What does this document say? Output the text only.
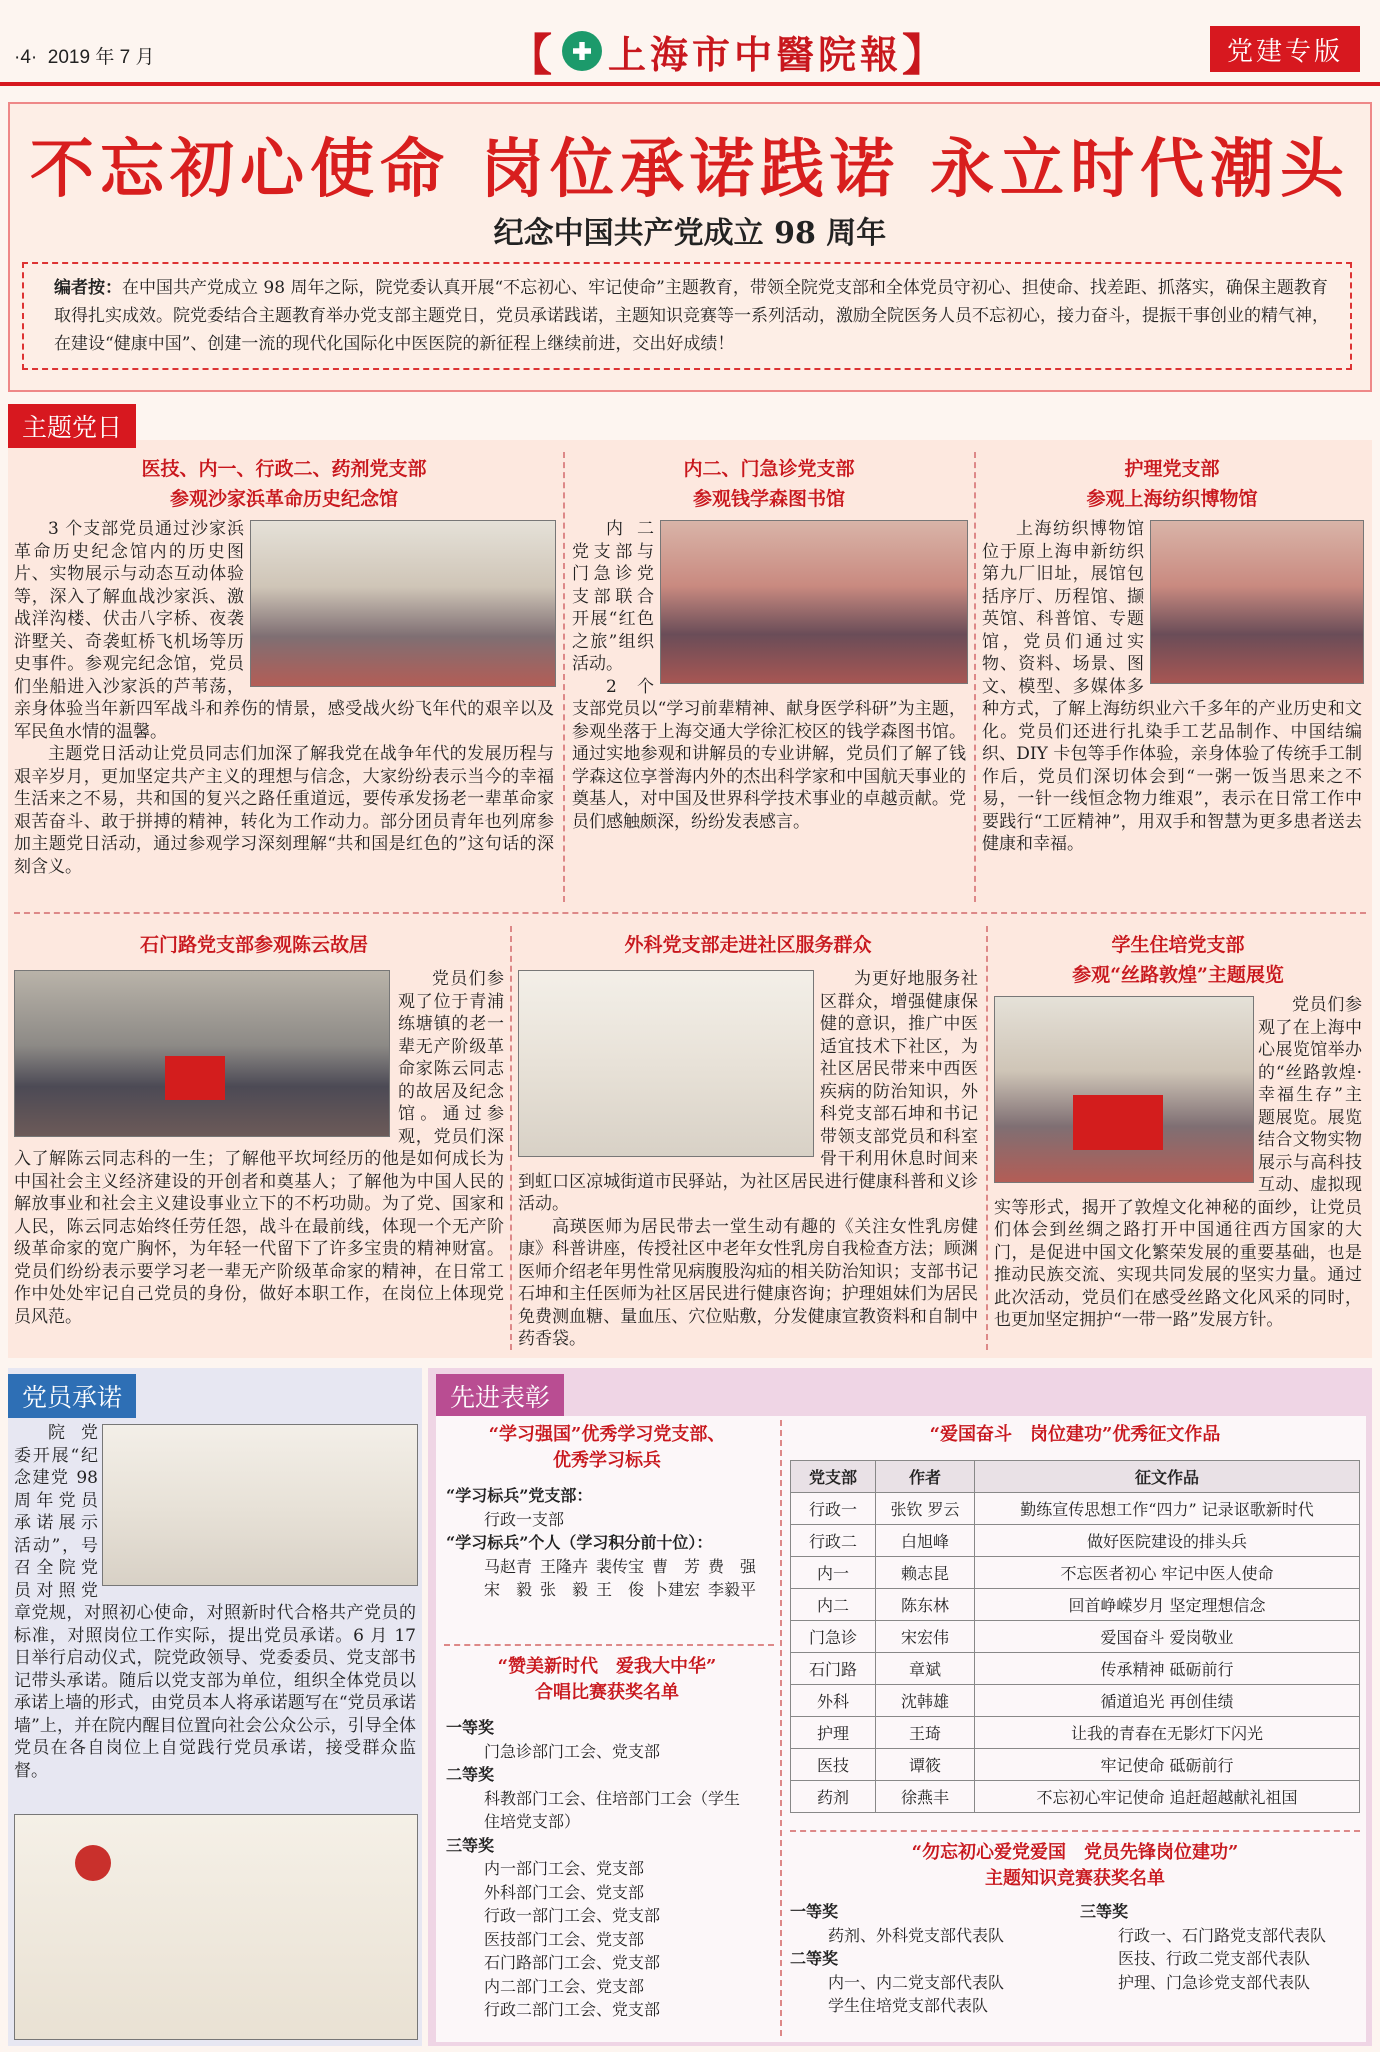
·4· 2019 年 7 月	【 上海市中醫院報 】	党建专版
不忘初心使命 岗位承诺践诺 永立时代潮头
纪念中国共产党成立 98 周年
编者按：在中国共产党成立 98 周年之际，院党委认真开展“不忘初心、牢记使命”主题教育，带领全院党支部和全体党员守初心、担使命、找差距、抓落实，确保主题教育取得扎实成效。院党委结合主题教育举办党支部主题党日，党员承诺践诺，主题知识竞赛等一系列活动，激励全院医务人员不忘初心，接力奋斗，提振干事创业的精气神，在建设“健康中国”、创建一流的现代化国际化中医医院的新征程上继续前进，交出好成绩！
主题党日
医技、内一、行政二、药剂党支部
参观沙家浜革命历史纪念馆
3 个支部党员通过沙家浜革命历史纪念馆内的历史图片、实物展示与动态互动体验等，深入了解血战沙家浜、激战洋沟楼、伏击八字桥、夜袭浒墅关、奇袭虹桥飞机场等历史事件。参观完纪念馆，党员们坐船进入沙家浜的芦苇荡，亲身体验当年新四军战斗和养伤的情景，感受战火纷飞年代的艰辛以及军民鱼水情的温馨。
主题党日活动让党员同志们加深了解我党在战争年代的发展历程与艰辛岁月，更加坚定共产主义的理想与信念，大家纷纷表示当今的幸福生活来之不易，共和国的复兴之路任重道远，要传承发扬老一辈革命家艰苦奋斗、敢于拼搏的精神，转化为工作动力。部分团员青年也列席参加主题党日活动，通过参观学习深刻理解“共和国是红色的”这句话的深刻含义。
内二、门急诊党支部
参观钱学森图书馆
内二党支部与门急诊党支部联合开展“红色之旅”组织活动。
2 个支部党员以“学习前辈精神、献身医学科研”为主题，参观坐落于上海交通大学徐汇校区的钱学森图书馆。通过实地参观和讲解员的专业讲解，党员们了解了钱学森这位享誉海内外的杰出科学家和中国航天事业的奠基人，对中国及世界科学技术事业的卓越贡献。党员们感触颇深，纷纷发表感言。
护理党支部
参观上海纺织博物馆
上海纺织博物馆位于原上海申新纺织第九厂旧址，展馆包括序厅、历程馆、撷英馆、科普馆、专题馆，党员们通过实物、资料、场景、图文、模型、多媒体多种方式，了解上海纺织业六千多年的产业历史和文化。党员们还进行扎染手工艺品制作、中国结编织、DIY 卡包等手作体验，亲身体验了传统手工制作后，党员们深切体会到“一粥一饭当思来之不易，一针一线恒念物力维艰”，表示在日常工作中要践行“工匠精神”，用双手和智慧为更多患者送去健康和幸福。
石门路党支部参观陈云故居
党员们参观了位于青浦练塘镇的老一辈无产阶级革命家陈云同志的故居及纪念馆。通过参观，党员们深入了解陈云同志科的一生；了解他平坎坷经历的他是如何成长为中国社会主义经济建设的开创者和奠基人；了解他为中国人民的解放事业和社会主义建设事业立下的不朽功勋。为了党、国家和人民，陈云同志始终任劳任怨，战斗在最前线，体现一个无产阶级革命家的宽广胸怀，为年轻一代留下了许多宝贵的精神财富。党员们纷纷表示要学习老一辈无产阶级革命家的精神，在日常工作中处处牢记自己党员的身份，做好本职工作，在岗位上体现党员风范。
外科党支部走进社区服务群众
为更好地服务社区群众，增强健康保健的意识，推广中医适宜技术下社区，为社区居民带来中西医疾病的防治知识，外科党支部石坤和书记带领支部党员和科室骨干利用休息时间来到虹口区凉城街道市民驿站，为社区居民进行健康科普和义诊活动。
高瑛医师为居民带去一堂生动有趣的《关注女性乳房健康》科普讲座，传授社区中老年女性乳房自我检查方法；顾渊医师介绍老年男性常见病腹股沟疝的相关防治知识；支部书记石坤和主任医师为社区居民进行健康咨询；护理姐妹们为居民免费测血糖、量血压、穴位贴敷，分发健康宣教资料和自制中药香袋。
学生住培党支部
参观“丝路敦煌”主题展览
党员们参观了在上海中心展览馆举办的“丝路敦煌·幸福生存”主题展览。展览结合文物实物展示与高科技互动、虚拟现实等形式，揭开了敦煌文化神秘的面纱，让党员们体会到丝绸之路打开中国通往西方国家的大门，是促进中国文化繁荣发展的重要基础，也是推动民族交流、实现共同发展的坚实力量。通过此次活动，党员们在感受丝路文化风采的同时，也更加坚定拥护“一带一路”发展方针。
党员承诺
院党委开展“纪念建党 98 周年党员承诺展示活动”，号召全院党员对照党章党规，对照初心使命，对照新时代合格共产党员的标准，对照岗位工作实际，提出党员承诺。6 月 17 日举行启动仪式，院党政领导、党委委员、党支部书记带头承诺。随后以党支部为单位，组织全体党员以承诺上墙的形式，由党员本人将承诺题写在“党员承诺墙”上，并在院内醒目位置向社会公众公示，引导全体党员在各自岗位上自觉践行党员承诺，接受群众监督。
先进表彰
“学习强国”优秀学习党支部、
优秀学习标兵
“学习标兵”党支部：
行政一支部
“学习标兵”个人（学习积分前十位）：
马赵青 王隆卉 裴传宝 曹　芳 费　强
宋　毅 张　毅 王　俊 卜建宏 李毅平
“赞美新时代　爱我大中华”
合唱比赛获奖名单
一等奖
门急诊部门工会、党支部
二等奖
科教部门工会、住培部门工会（学生
住培党支部）
三等奖
内一部门工会、党支部
外科部门工会、党支部
行政一部门工会、党支部
医技部门工会、党支部
石门路部门工会、党支部
内二部门工会、党支部
行政二部门工会、党支部
“爱国奋斗　岗位建功”优秀征文作品
党支部	作者	征文作品
行政一	张钦 罗云	勤练宣传思想工作“四力” 记录讴歌新时代
行政二	白旭峰	做好医院建设的排头兵
内一	赖志昆	不忘医者初心 牢记中医人使命
内二	陈东林	回首峥嵘岁月 坚定理想信念
门急诊	宋宏伟	爱国奋斗 爱岗敬业
石门路	章斌	传承精神 砥砺前行
外科	沈韩雄	循道追光 再创佳绩
护理	王琦	让我的青春在无影灯下闪光
医技	谭筱	牢记使命 砥砺前行
药剂	徐燕丰	不忘初心牢记使命 追赶超越献礼祖国
“勿忘初心爱党爱国　党员先锋岗位建功”
主题知识竞赛获奖名单
一等奖
药剂、外科党支部代表队
二等奖
内一、内二党支部代表队
学生住培党支部代表队
三等奖
行政一、石门路党支部代表队
医技、行政二党支部代表队
护理、门急诊党支部代表队
